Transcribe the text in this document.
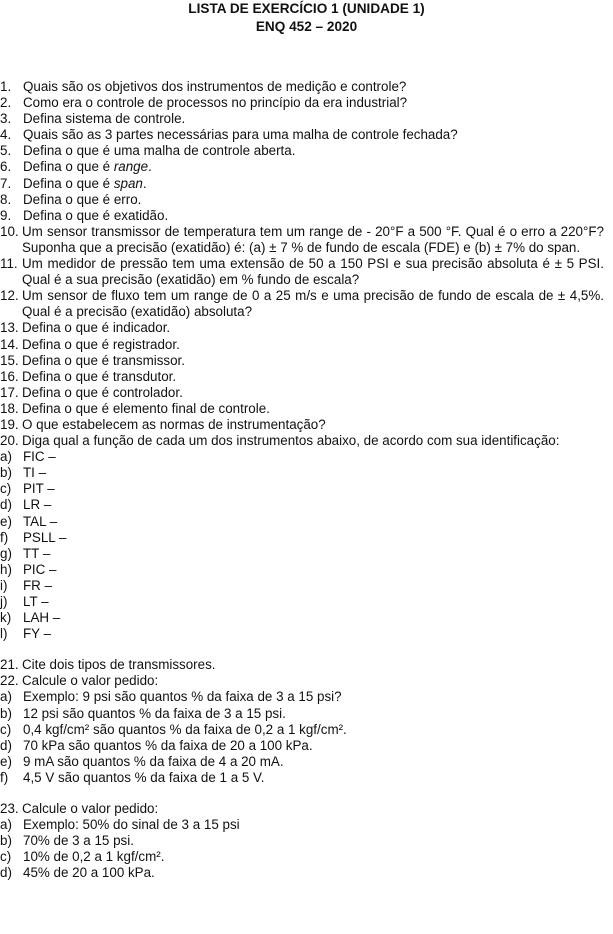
LISTA DE EXERCÍCIO 1 (UNIDADE 1)
ENQ 452 – 2020
1. Quais são os objetivos dos instrumentos de medição e controle?
2. Como era o controle de processos no princípio da era industrial?
3. Defina sistema de controle.
4. Quais são as 3 partes necessárias para uma malha de controle fechada?
5. Defina o que é uma malha de controle aberta.
6. Defina o que é range.
7. Defina o que é span.
8. Defina o que é erro.
9. Defina o que é exatidão.
10. Um sensor transmissor de temperatura tem um range de - 20°F a 500 °F. Qual é o erro a 220°F? Suponha que a precisão (exatidão) é: (a) ± 7 % de fundo de escala (FDE) e (b) ± 7% do span.
11. Um medidor de pressão tem uma extensão de 50 a 150 PSI e sua precisão absoluta é ± 5 PSI. Qual é a sua precisão (exatidão) em % fundo de escala?
12. Um sensor de fluxo tem um range de 0 a 25 m/s e uma precisão de fundo de escala de ± 4,5%. Qual é a precisão (exatidão) absoluta?
13. Defina o que é indicador.
14. Defina o que é registrador.
15. Defina o que é transmissor.
16. Defina o que é transdutor.
17. Defina o que é controlador.
18. Defina o que é elemento final de controle.
19. O que estabelecem as normas de instrumentação?
20. Diga qual a função de cada um dos instrumentos abaixo, de acordo com sua identificação:
a) FIC –
b) TI –
c) PIT –
d) LR –
e) TAL –
f)	PSLL –
g) TT –
h) PIC –
i)	FR –
j)	LT –
k) LAH –
l)	FY –
21. Cite dois tipos de transmissores.
22. Calcule o valor pedido:
a) Exemplo: 9 psi são quantos % da faixa de 3 a 15 psi?
b) 12 psi são quantos % da faixa de 3 a 15 psi.
c) 0,4 kgf/cm² são quantos % da faixa de 0,2 a 1 kgf/cm².
d) 70 kPa são quantos % da faixa de 20 a 100 kPa.
e) 9 mA são quantos % da faixa de 4 a 20 mA.
f)	4,5 V são quantos % da faixa de 1 a 5 V.
23. Calcule o valor pedido:
a) Exemplo: 50% do sinal de 3 a 15 psi
b) 70% de 3 a 15 psi.
c) 10% de 0,2 a 1 kgf/cm².
d) 45% de 20 a 100 kPa.
